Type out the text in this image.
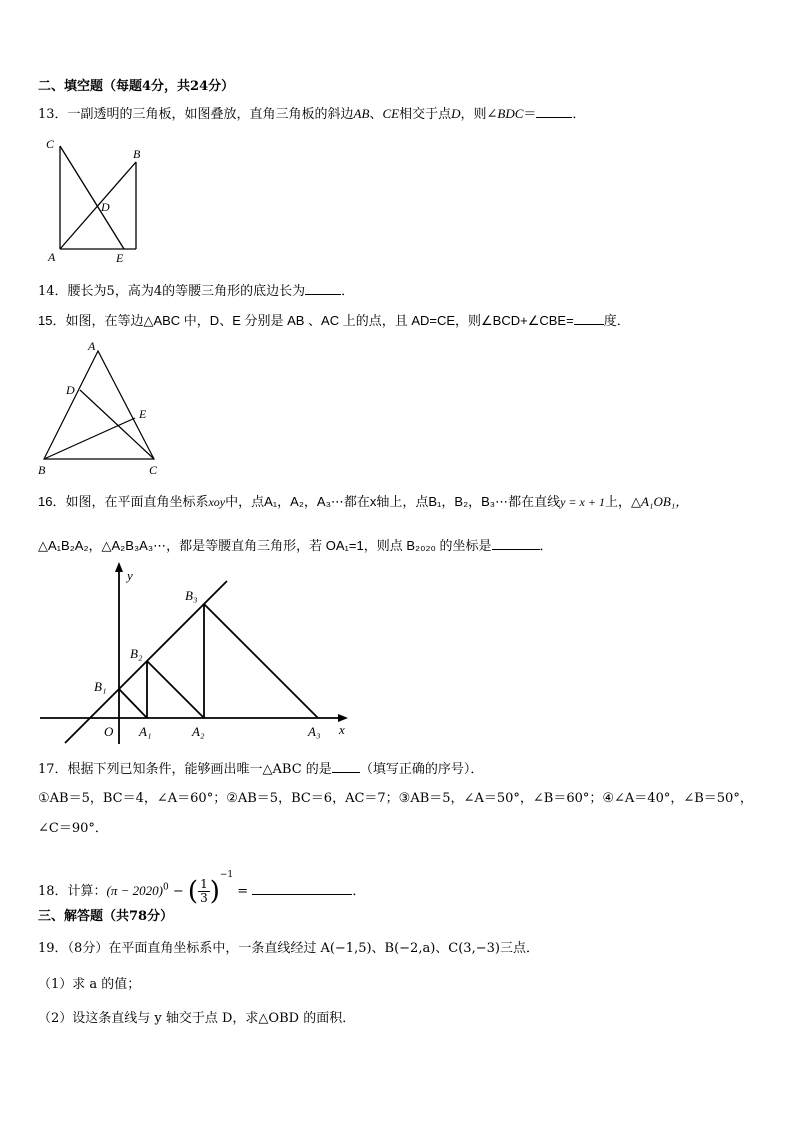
二、填空题（每题4分，共24分）
13．一副透明的三角板，如图叠放，直角三角板的斜边AB、CE相交于点D，则∠BDC＝	．
C
B
D
A	E
14．腰长为5，高为4的等腰三角形的底边长为	．
15．如图，在等边△ABC 中，D、E 分别是 AB 、AC 上的点，且 AD=CE，则∠BCD+∠CBE= 度．
A
D
E
B	C
16．如图，在平面直角坐标系xoy中，点A₁，A₂，A₃⋯都在x轴上，点B₁，B₂，B₃⋯都在直线y = x + 1上，△A₁OB₁，
△A₁B₂A₂，△A₂B₃A₃⋯，都是等腰直角三角形，若 OA₁=1，则点 B₂₀₂₀ 的坐标是	．
y
x
O
B₁
B₂
B₃
A₁	A₂	A₃
17．根据下列已知条件，能够画出唯一△ABC 的是 （填写正确的序号）．
①AB＝5，BC＝4，∠A＝60°；②AB＝5，BC＝6，AC＝7；③AB＝5，∠A＝50°，∠B＝60°；④∠A＝40°，∠B＝50°，
∠C＝90°．
18．计算：$(\pi - 2020)^0$ − ( $\frac{1}{3} )^{-1}$ =	．
三、解答题（共78分）
19．（8分）在平面直角坐标系中，一条直线经过 A(−1,5)、B(−2,a)、C(3,−3)三点．
（1）求 a 的值；
（2）设这条直线与 y 轴交于点 D，求△OBD 的面积．
